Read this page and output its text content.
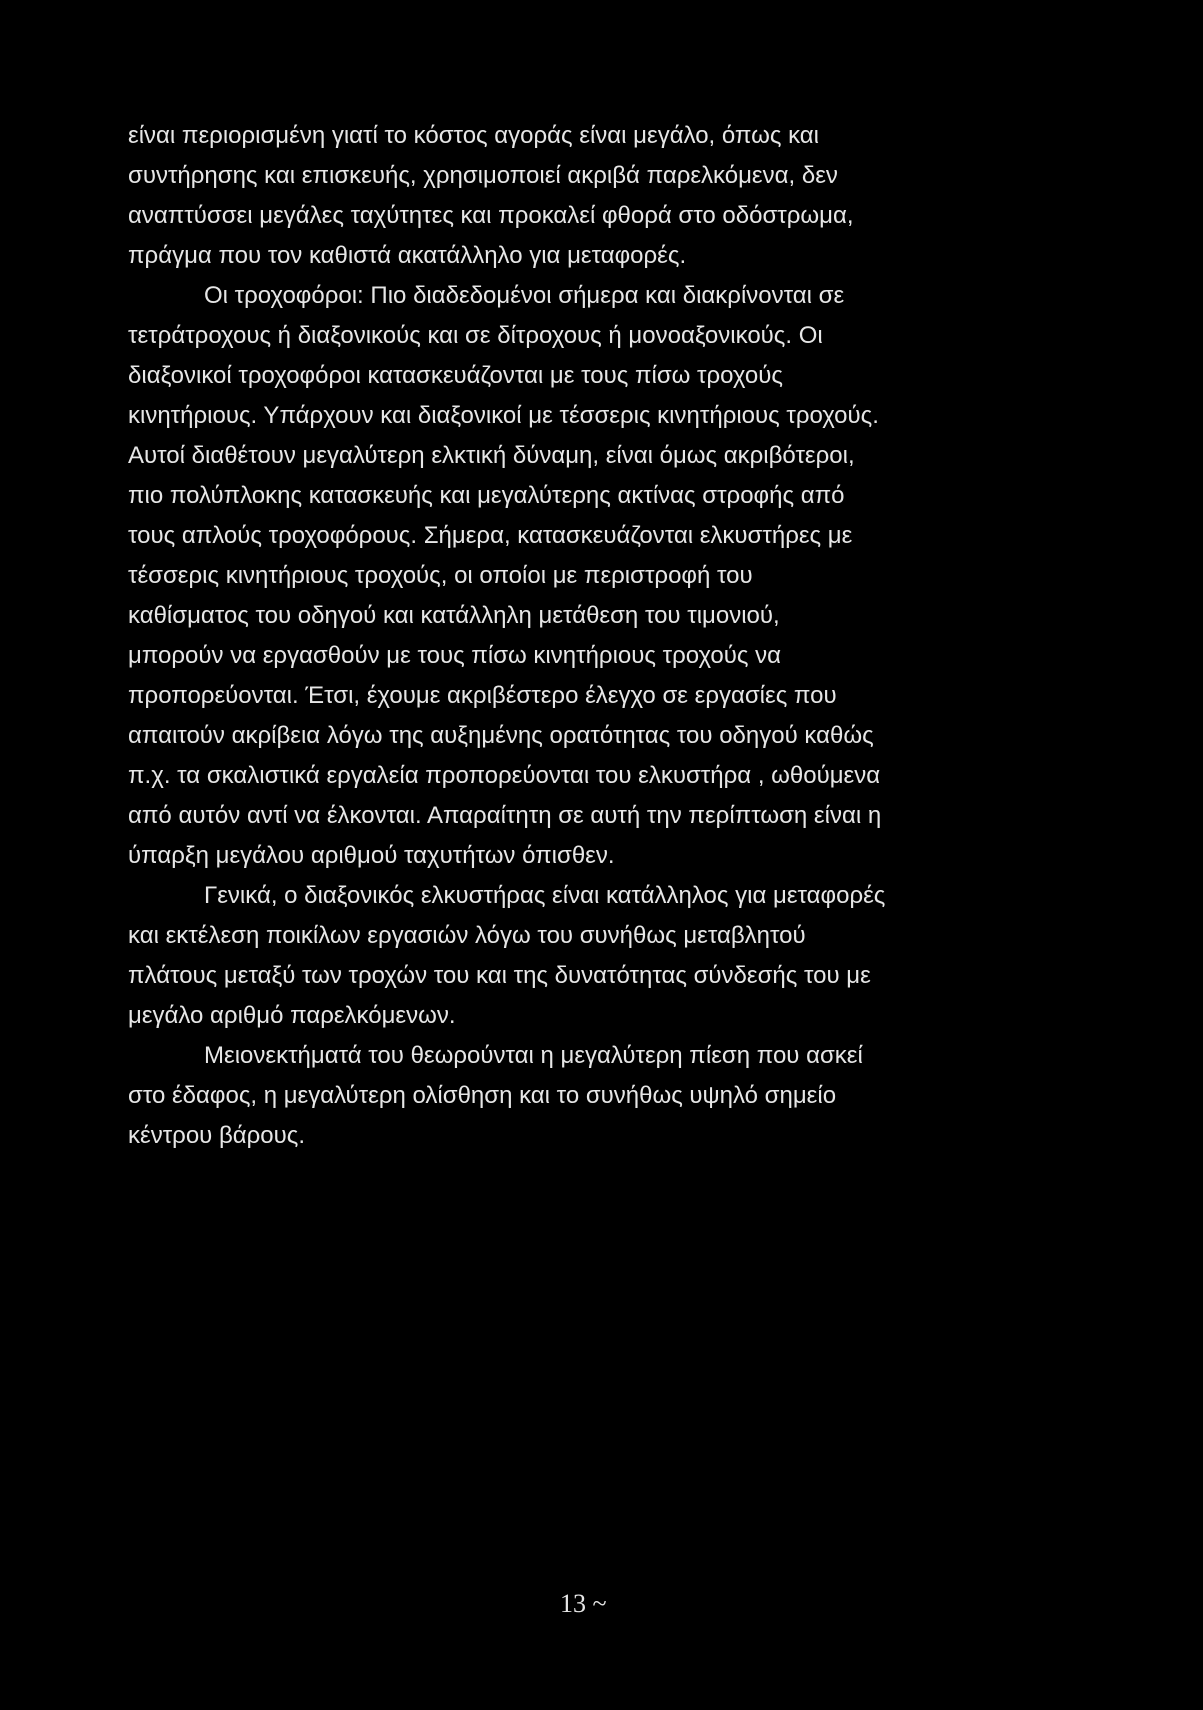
είναι περιορισμένη γιατί το κόστος αγοράς είναι μεγάλο, όπως και

συντήρησης και επισκευής, χρησιμοποιεί ακριβά παρελκόμενα, δεν

αναπτύσσει μεγάλες ταχύτητες και προκαλεί φθορά στο οδόστρωμα,

πράγμα που τον καθιστά ακατάλληλο για μεταφορές.

Οι τροχοφόροι: Πιο διαδεδομένοι σήμερα και διακρίνονται σε

τετράτροχους ή διαξονικούς και σε δίτροχους ή μονοαξονικούς. Οι

διαξονικοί τροχοφόροι κατασκευάζονται με τους πίσω τροχούς

κινητήριους. Υπάρχουν και διαξονικοί με τέσσερις κινητήριους τροχούς.

Αυτοί διαθέτουν μεγαλύτερη ελκτική δύναμη, είναι όμως ακριβότεροι,

πιο πολύπλοκης κατασκευής και μεγαλύτερης ακτίνας στροφής από

τους απλούς τροχοφόρους. Σήμερα, κατασκευάζονται ελκυστήρες με

τέσσερις κινητήριους τροχούς, οι οποίοι με περιστροφή του

καθίσματος του οδηγού και κατάλληλη μετάθεση του τιμονιού,

μπορούν να εργασθούν με τους πίσω κινητήριους τροχούς να

προπορεύονται. Έτσι, έχουμε ακριβέστερο έλεγχο σε εργασίες που

απαιτούν ακρίβεια λόγω της αυξημένης ορατότητας του οδηγού καθώς

π.χ. τα σκαλιστικά εργαλεία προπορεύονται του ελκυστήρα , ωθούμενα

από αυτόν αντί να έλκονται. Απαραίτητη σε αυτή την περίπτωση είναι η

ύπαρξη μεγάλου αριθμού ταχυτήτων όπισθεν.

Γενικά, ο διαξονικός ελκυστήρας είναι κατάλληλος για μεταφορές

και εκτέλεση ποικίλων εργασιών λόγω του συνήθως μεταβλητού

πλάτους μεταξύ των τροχών του και της δυνατότητας σύνδεσής του με

μεγάλο αριθμό παρελκόμενων.

Μειονεκτήματά του θεωρούνται η μεγαλύτερη πίεση που ασκεί

στο έδαφος, η μεγαλύτερη ολίσθηση και το συνήθως υψηλό σημείο

κέντρου βάρους.

13 ~
